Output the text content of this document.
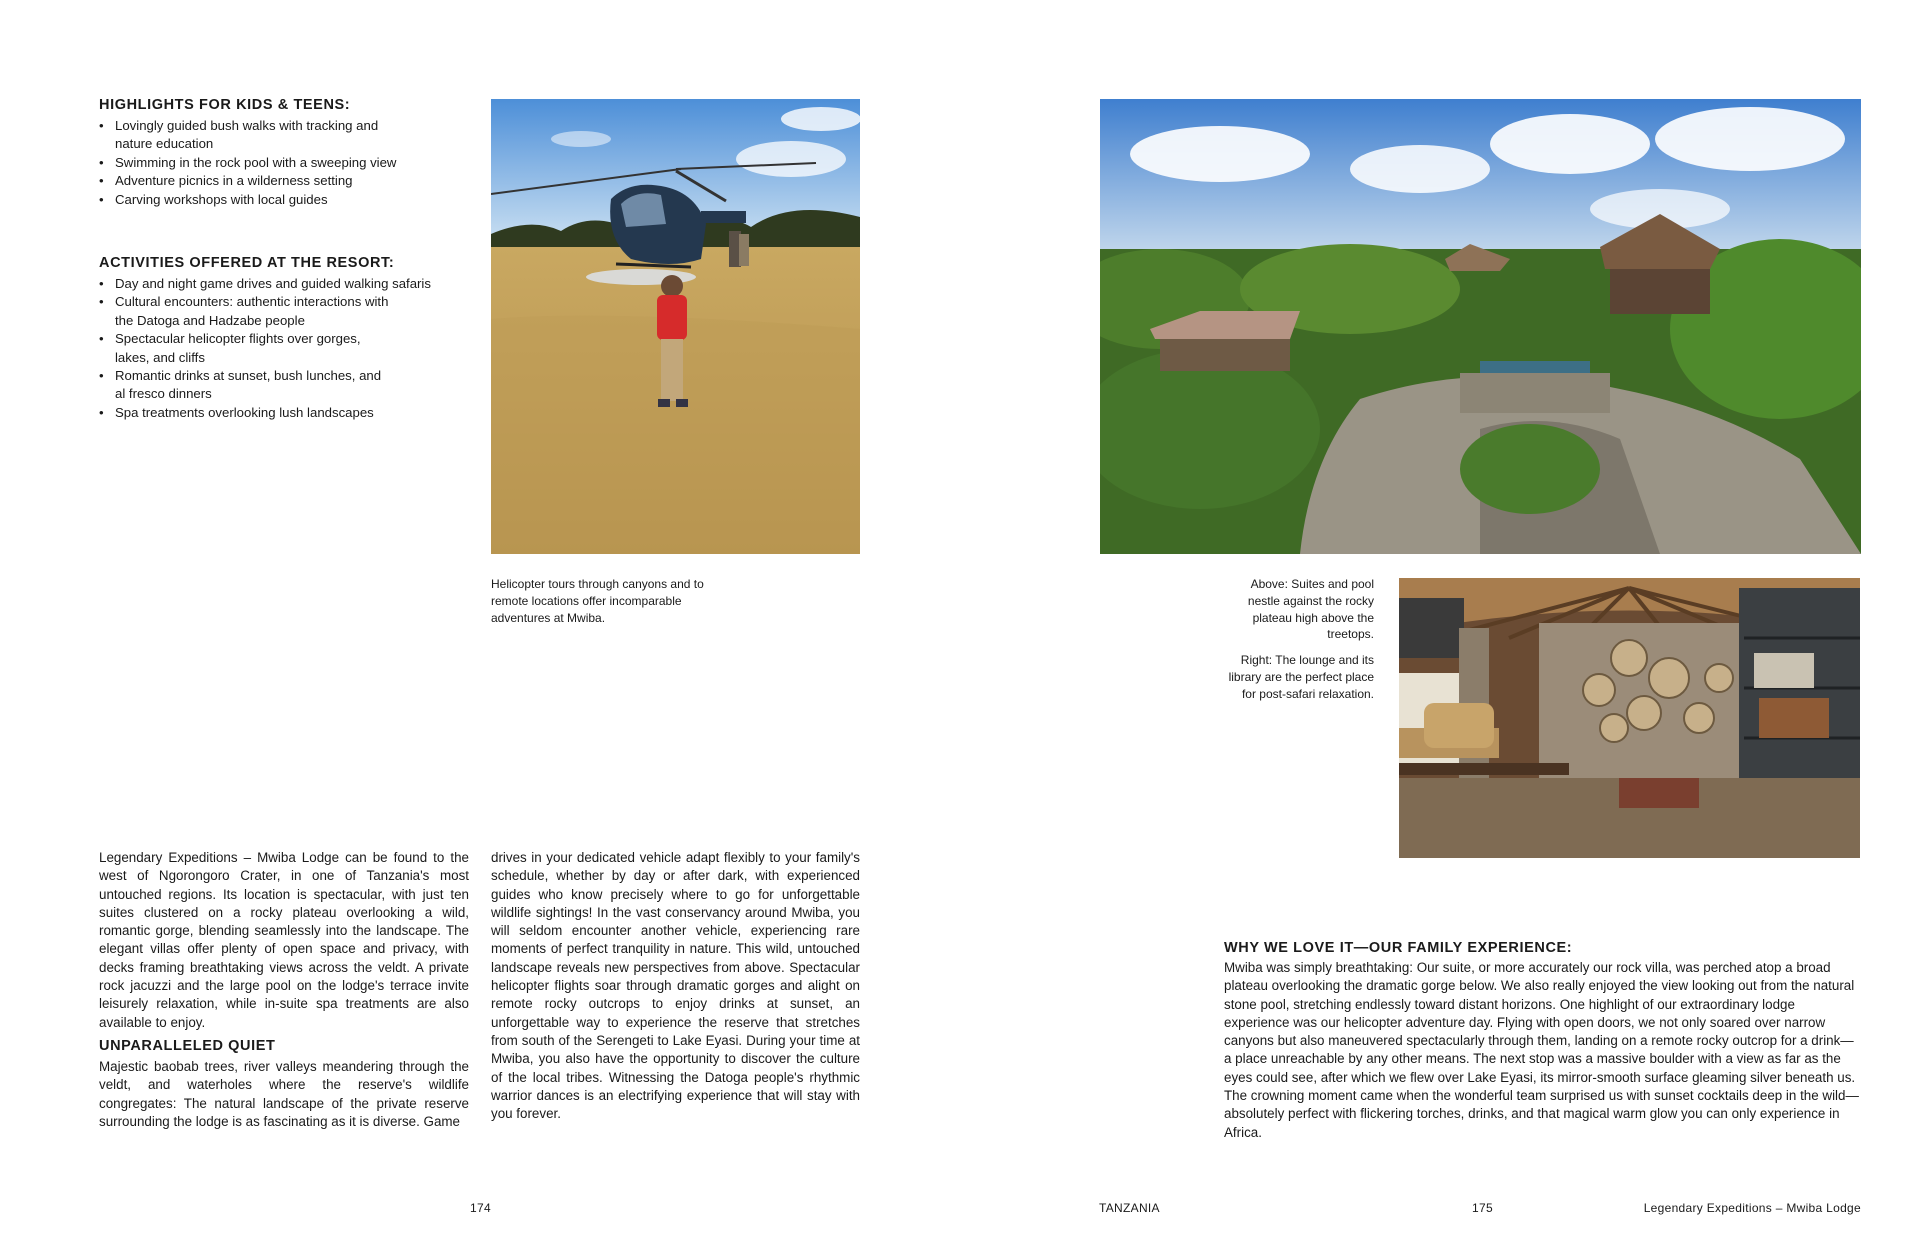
HIGHLIGHTS FOR KIDS & TEENS:
• Lovingly guided bush walks with tracking and nature education
• Swimming in the rock pool with a sweeping view
• Adventure picnics in a wilderness setting
• Carving workshops with local guides
ACTIVITIES OFFERED AT THE RESORT:
• Day and night game drives and guided walking safaris
• Cultural encounters: authentic interactions with the Datoga and Hadzabe people
• Spectacular helicopter flights over gorges, lakes, and cliffs
• Romantic drinks at sunset, bush lunches, and al fresco dinners
• Spa treatments overlooking lush landscapes
Helicopter tours through canyons and to remote locations offer incomparable adventures at Mwiba.

Legendary Expeditions – Mwiba Lodge can be found to the west of Ngorongoro Crater, in one of Tanzania's most untouched regions. Its location is spectacular, with just ten suites clustered on a rocky plateau overlooking a wild, romantic gorge, blending seamlessly into the landscape. The elegant villas offer plenty of open space and privacy, with decks framing breathtaking views across the veldt. A private rock jacuzzi and the large pool on the lodge's terrace invite leisurely relaxation, while in-suite spa treatments are also available to enjoy.

UNPARALLELED QUIET

Majestic baobab trees, river valleys meandering through the veldt, and waterholes where the reserve's wildlife congregates: The natural landscape of the private reserve surrounding the lodge is as fascinating as it is diverse. Game

drives in your dedicated vehicle adapt flexibly to your family's schedule, whether by day or after dark, with experienced guides who know precisely where to go for unforgettable wildlife sightings! In the vast conservancy around Mwiba, you will seldom encounter another vehicle, experiencing rare moments of perfect tranquility in nature. This wild, untouched landscape reveals new perspectives from above. Spectacular helicopter flights soar through dramatic gorges and alight on remote rocky outcrops to enjoy drinks at sunset, an unforgettable way to experience the reserve that stretches from south of the Serengeti to Lake Eyasi. During your time at Mwiba, you also have the opportunity to discover the culture of the local tribes. Witnessing the Datoga people's rhythmic warrior dances is an electrifying experience that will stay with you forever.

174	TANZANIA
Above: Suites and pool nestle against the rocky plateau high above the treetops.
Right: The lounge and its library are the perfect place for post-safari relaxation.
WHY WE LOVE IT—OUR FAMILY EXPERIENCE:

Mwiba was simply breathtaking: Our suite, or more accurately our rock villa, was perched atop a broad plateau overlooking the dramatic gorge below. We also really enjoyed the view looking out from the natural stone pool, stretching endlessly toward distant horizons. One highlight of our extraordinary lodge experience was our helicopter adventure day. Flying with open doors, we not only soared over narrow canyons but also maneuvered spectacularly through them, landing on a remote rocky outcrop for a drink—a place unreachable by any other means. The next stop was a massive boulder with a view as far as the eyes could see, after which we flew over Lake Eyasi, its mirror-smooth surface gleaming silver beneath us. The crowning moment came when the wonderful team surprised us with sunset cocktails deep in the wild—absolutely perfect with flickering torches, drinks, and that magical warm glow you can only experience in Africa.

175	Legendary Expeditions – Mwiba Lodge
